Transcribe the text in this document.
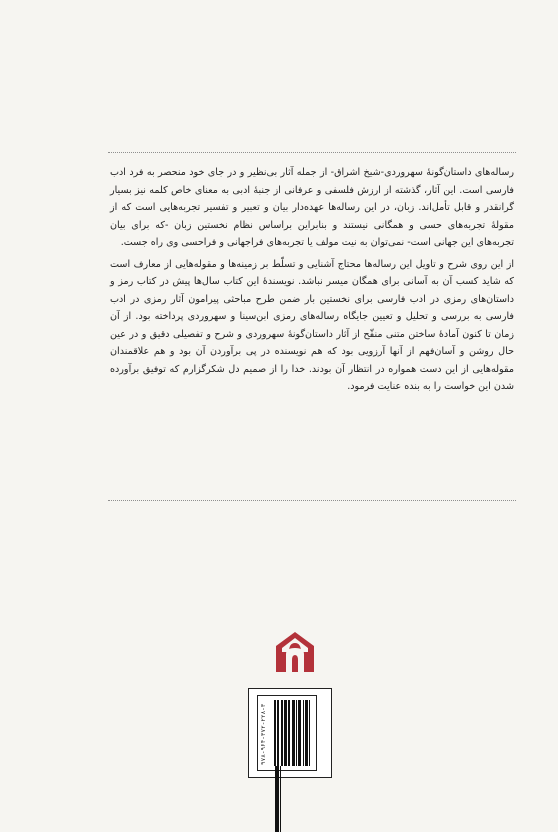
رساله‌های داستان‌گونهٔ سهروردی-شیخ اشراق- از جمله آثار بی‌نظیر و در جای خود منحصر به فرد ادب فارسی است. این آثار، گذشته از ارزش فلسفی و عرفانی از جنبهٔ ادبی به معنای خاص کلمه نیز بسیار گرانقدر و قابل تأمل‌اند. زبان، در این رساله‌ها عهده‌دار بیان و تعبیر و تفسیر تجربه‌هایی است که از مقولهٔ تجربه‌های حسی و همگانی نیستند و بنابراین براساس نظام نخستین زبان -که برای بیان تجربه‌های این جهانی است- نمی‌توان به نیت مولف یا تجربه‌های فراجهانی و فراحسی وی راه جست.

از این روی شرح و تاویل این رساله‌ها محتاج آشنایی و تسلّط بر زمینه‌ها و مقوله‌هایی از معارف است که شاید کسب آن به آسانی برای همگان میسر نباشد. نویسندهٔ این کتاب سال‌ها پیش در کتاب رمز و داستان‌های رمزی در ادب فارسی برای نخستین بار ضمن طرح مباحثی پیرامون آثار رمزی در ادب فارسی به بررسی و تحلیل و تعیین جایگاه رساله‌های رمزی ابن‌سینا و سهروردی پرداخته بود. از آن زمان تا کنون آمادهٔ ساختن متنی منقّح از آثار داستان‌گونهٔ سهروردی و شرح و تفصیلی دقیق و در عین حال روشن و آسان‌فهم از آنها آرزویی بود که هم نویسنده در پی برآوردن آن بود و هم علاقمندان مقوله‌هایی از این دست همواره در انتظار آن بودند. خدا را از صمیم دل شکرگزارم که توفیق برآورده شدن این خواست را به بنده عنایت فرمود.

۹۷۸-۹۶۴-۳۷۲-۲۲۸-۳
